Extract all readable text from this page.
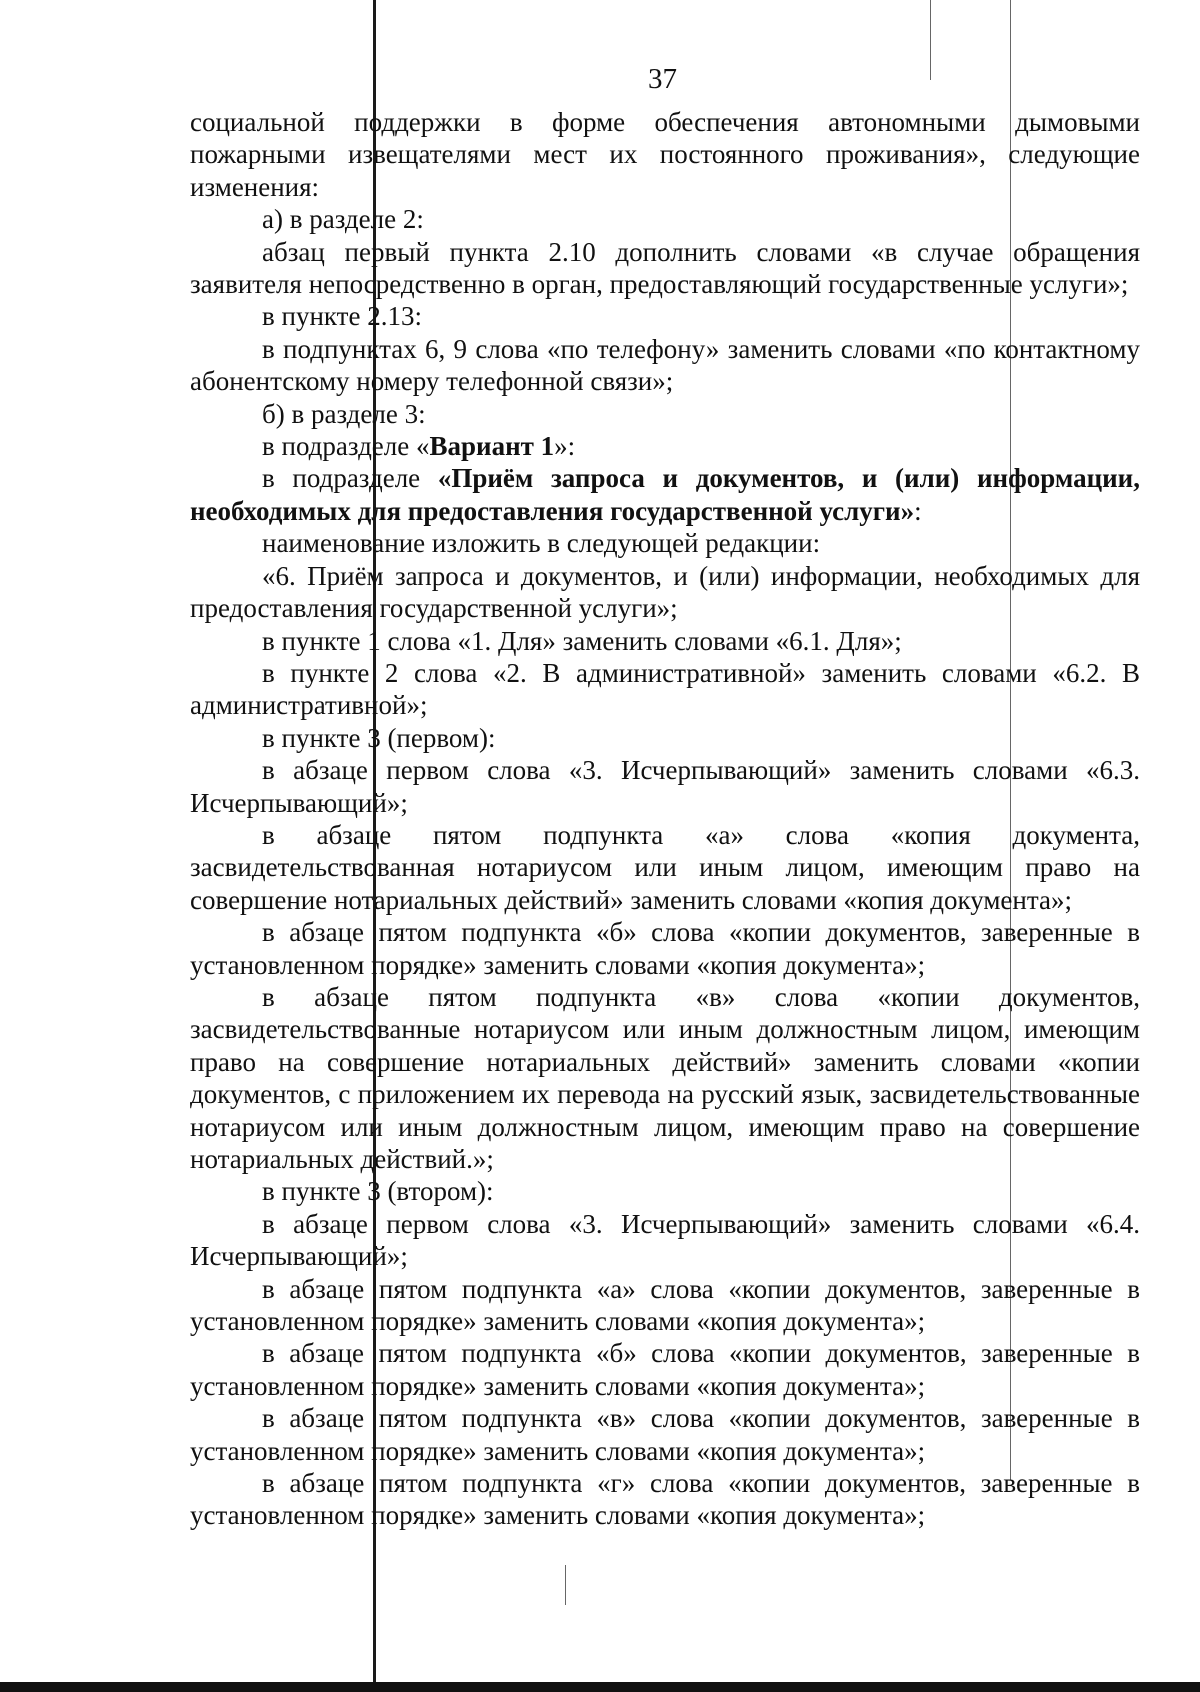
37

социальной поддержки в форме обеспечения автономными дымовыми пожарными извещателями мест их постоянного проживания», следующие изменения:

а) в разделе 2:

абзац первый пункта 2.10 дополнить словами «в случае обращения заявителя непосредственно в орган, предоставляющий государственные услуги»;

в пункте 2.13:

в подпунктах 6, 9 слова «по телефону» заменить словами «по контактному абонентскому номеру телефонной связи»;

б) в разделе 3:

в подразделе «Вариант 1»:

в подразделе «Приём запроса и документов, и (или) информации, необходимых для предоставления государственной услуги»:

наименование изложить в следующей редакции:

«6. Приём запроса и документов, и (или) информации, необходимых для предоставления государственной услуги»;

в пункте 1 слова «1. Для» заменить словами «6.1. Для»;

в пункте 2 слова «2. В административной» заменить словами «6.2. В административной»;

в пункте 3 (первом):

в абзаце первом слова «3. Исчерпывающий» заменить словами «6.3. Исчерпывающий»;

в абзаце пятом подпункта «а» слова «копия документа, засвидетельствованная нотариусом или иным лицом, имеющим право на совершение нотариальных действий» заменить словами «копия документа»;

в абзаце пятом подпункта «б» слова «копии документов, заверенные в установленном порядке» заменить словами «копия документа»;

в абзаце пятом подпункта «в» слова «копии документов, засвидетельствованные нотариусом или иным должностным лицом, имеющим право на совершение нотариальных действий» заменить словами «копии документов, с приложением их перевода на русский язык, засвидетельствованные нотариусом или иным должностным лицом, имеющим право на совершение нотариальных действий.»;

в пункте 3 (втором):

в абзаце первом слова «3. Исчерпывающий» заменить словами «6.4. Исчерпывающий»;

в абзаце пятом подпункта «а» слова «копии документов, заверенные в установленном порядке» заменить словами «копия документа»;

в абзаце пятом подпункта «б» слова «копии документов, заверенные в установленном порядке» заменить словами «копия документа»;

в абзаце пятом подпункта «в» слова «копии документов, заверенные в установленном порядке» заменить словами «копия документа»;

в абзаце пятом подпункта «г» слова «копии документов, заверенные в установленном порядке» заменить словами «копия документа»;
